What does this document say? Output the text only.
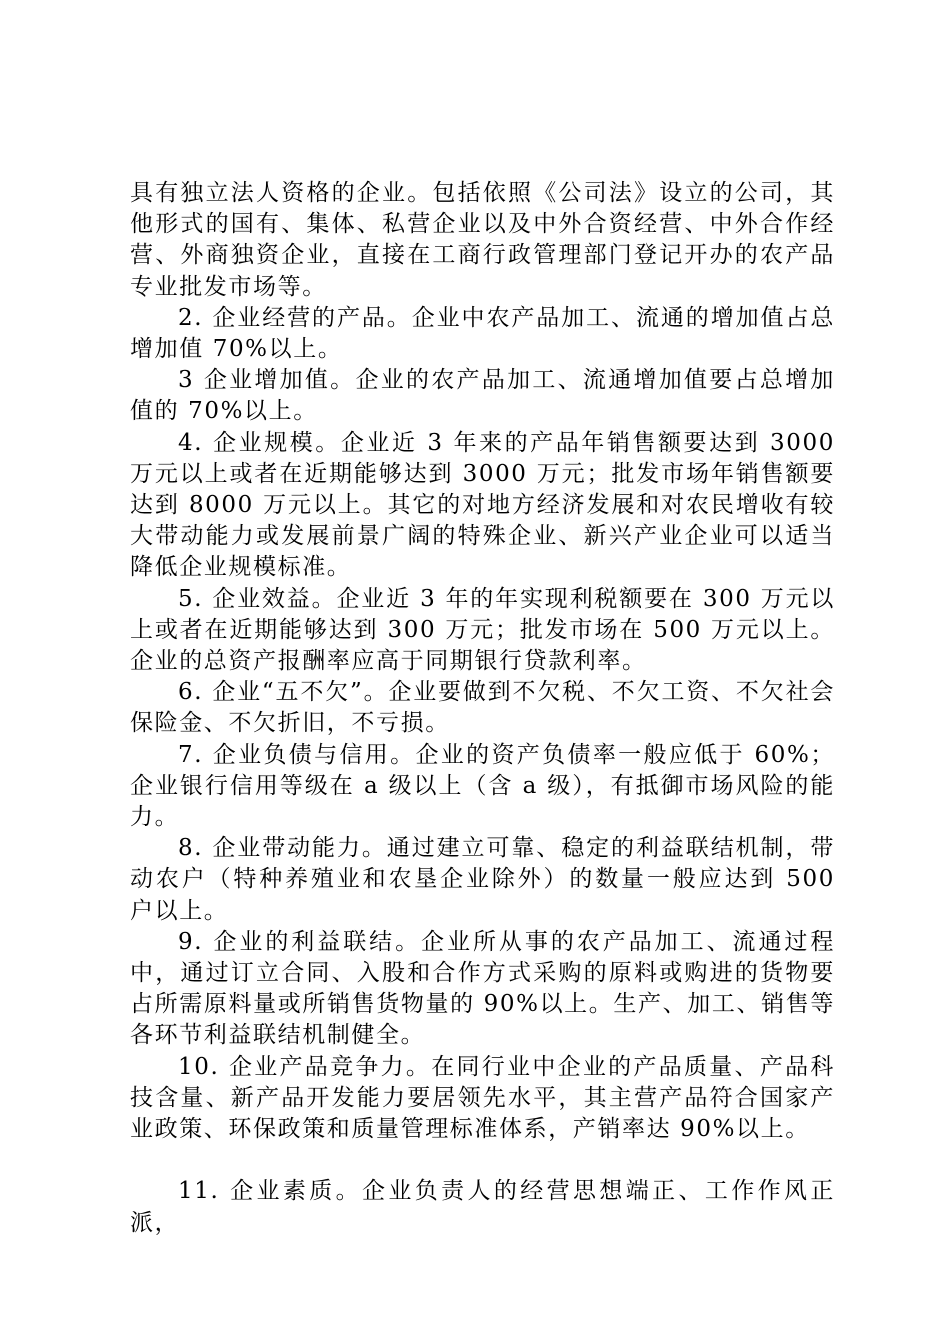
具有独立法人资格的企业。包括依照《公司法》设立的公司，其他形式的国有、集体、私营企业以及中外合资经营、中外合作经营、外商独资企业，直接在工商行政管理部门登记开办的农产品专业批发市场等。

2. 企业经营的产品。企业中农产品加工、流通的增加值占总增加值 70%以上。

3 企业增加值。企业的农产品加工、流通增加值要占总增加值的 70%以上。

4. 企业规模。企业近 3 年来的产品年销售额要达到 3000 万元以上或者在近期能够达到 3000 万元；批发市场年销售额要达到 8000 万元以上。其它的对地方经济发展和对农民增收有较大带动能力或发展前景广阔的特殊企业、新兴产业企业可以适当降低企业规模标准。

5. 企业效益。企业近 3 年的年实现利税额要在 300 万元以上或者在近期能够达到 300 万元；批发市场在 500 万元以上。企业的总资产报酬率应高于同期银行贷款利率。

6. 企业“五不欠”。企业要做到不欠税、不欠工资、不欠社会保险金、不欠折旧，不亏损。

7. 企业负债与信用。企业的资产负债率一般应低于 60%；企业银行信用等级在 a 级以上（含 a 级），有抵御市场风险的能力。

8. 企业带动能力。通过建立可靠、稳定的利益联结机制，带动农户（特种养殖业和农垦企业除外）的数量一般应达到 500 户以上。

9. 企业的利益联结。企业所从事的农产品加工、流通过程中，通过订立合同、入股和合作方式采购的原料或购进的货物要占所需原料量或所销售货物量的 90%以上。生产、加工、销售等各环节利益联结机制健全。

10. 企业产品竞争力。在同行业中企业的产品质量、产品科技含量、新产品开发能力要居领先水平，其主营产品符合国家产业政策、环保政策和质量管理标准体系，产销率达 90%以上。

11. 企业素质。企业负责人的经营思想端正、工作作风正派，
